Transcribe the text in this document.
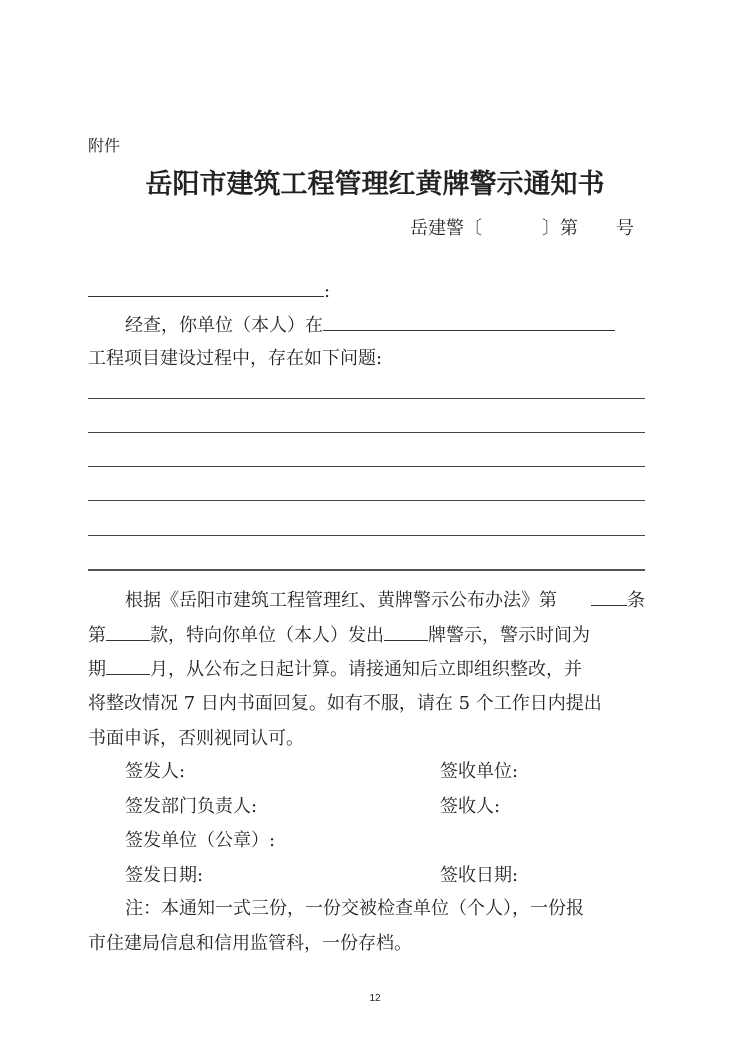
附件
岳阳市建筑工程管理红黄牌警示通知书
岳建警〔	〕第 号
:
经查，你单位（本人）在
工程项目建设过程中，存在如下问题:
根据《岳阳市建筑工程管理红、黄牌警示公布办法》第	条
第 款，特向你单位（本人）发出 牌警示，警示时间为
期 月，从公布之日起计算。请接通知后立即组织整改，并
将整改情况 7 日内书面回复。如有不服，请在 5 个工作日内提出
书面申诉，否则视同认可。
签发人:	签收单位:
签发部门负责人:	签收人:
签发单位（公章）:
签发日期:	签收日期:
注：本通知一式三份，一份交被检查单位（个人），一份报
市住建局信息和信用监管科，一份存档。
12
